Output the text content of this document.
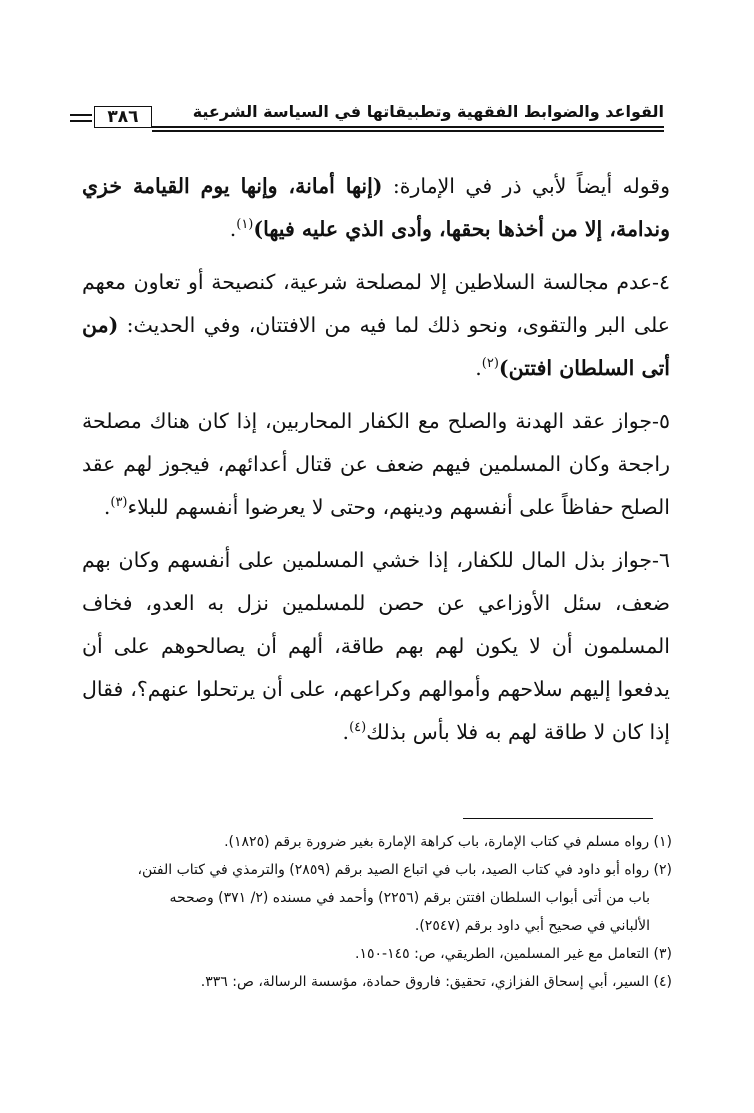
القواعد والضوابط الفقهية وتطبيقاتها في السياسة الشرعية
٣٨٦

وقوله أيضاً لأبي ذر في الإمارة: (إنها أمانة، وإنها يوم القيامة خزي وندامة، إلا من أخذها بحقها، وأدى الذي عليه فيها)$^{(١)}$.

٤-عدم مجالسة السلاطين إلا لمصلحة شرعية، كنصيحة أو تعاون معهم على البر والتقوى، ونحو ذلك لما فيه من الافتتان، وفي الحديث: (من أتى السلطان افتتن)$^{(٢)}$.

٥-جواز عقد الهدنة والصلح مع الكفار المحاربين، إذا كان هناك مصلحة راجحة وكان المسلمين فيهم ضعف عن قتال أعدائهم، فيجوز لهم عقد الصلح حفاظاً على أنفسهم ودينهم، وحتى لا يعرضوا أنفسهم للبلاء$^{(٣)}$.

٦-جواز بذل المال للكفار، إذا خشي المسلمين على أنفسهم وكان بهم ضعف، سئل الأوزاعي عن حصن للمسلمين نزل به العدو، فخاف المسلمون أن لا يكون لهم بهم طاقة، ألهم أن يصالحوهم على أن يدفعوا إليهم سلاحهم وأموالهم وكراعهم، على أن يرتحلوا عنهم؟، فقال إذا كان لا طاقة لهم به فلا بأس بذلك$^{(٤)}$.

(١) رواه مسلم في كتاب الإمارة، باب كراهة الإمارة بغير ضرورة برقم (١٨٢٥).

(٢) رواه أبو داود في كتاب الصيد، باب في اتباع الصيد برقم (٢٨٥٩) والترمذي في كتاب الفتن،

باب من أتى أبواب السلطان افتتن برقم (٢٢٥٦) وأحمد في مسنده (٢/ ٣٧١) وصححه

الألباني في صحيح أبي داود برقم (٢٥٤٧).

(٣) التعامل مع غير المسلمين، الطريقي، ص: ١٤٥-١٥٠.

(٤) السير، أبي إسحاق الفزازي، تحقيق: فاروق حمادة، مؤسسة الرسالة، ص: ٣٣٦.
